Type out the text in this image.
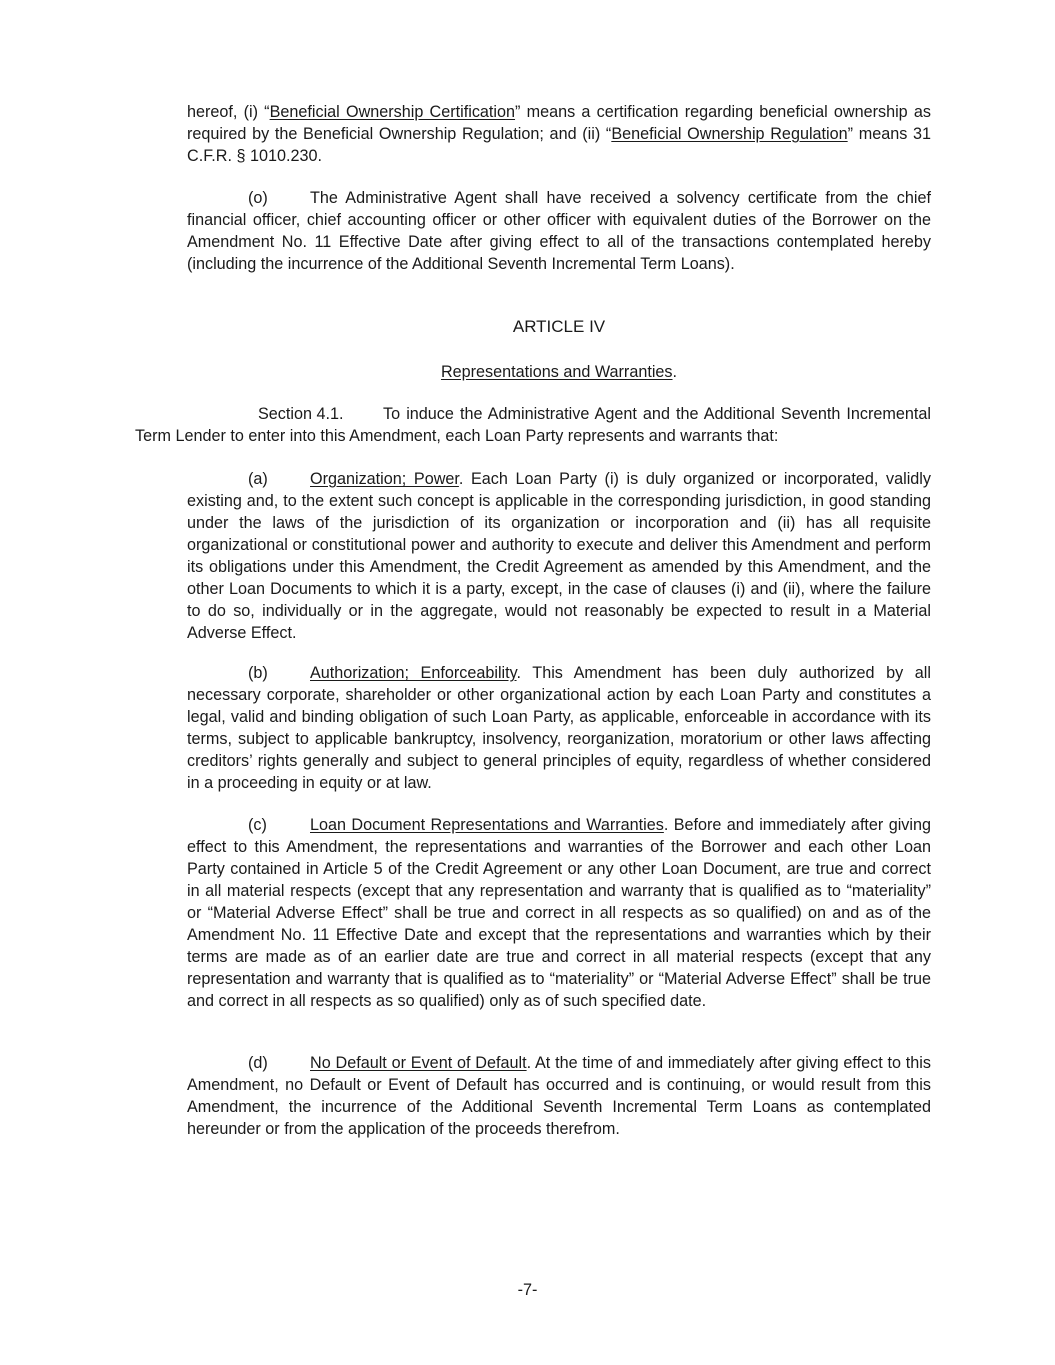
hereof, (i) “Beneficial Ownership Certification” means a certification regarding beneficial ownership as required by the Beneficial Ownership Regulation; and (ii) “Beneficial Ownership Regulation” means 31 C.F.R. § 1010.230.

(o)	The Administrative Agent shall have received a solvency certificate from the chief financial officer, chief accounting officer or other officer with equivalent duties of the Borrower on the Amendment No. 11 Effective Date after giving effect to all of the transactions contemplated hereby (including the incurrence of the Additional Seventh Incremental Term Loans).

ARTICLE IV

Representations and Warranties.

Section 4.1. To induce the Administrative Agent and the Additional Seventh Incremental Term Lender to enter into this Amendment, each Loan Party represents and warrants that:

(a)	Organization; Power. Each Loan Party (i) is duly organized or incorporated, validly existing and, to the extent such concept is applicable in the corresponding jurisdiction, in good standing under the laws of the jurisdiction of its organization or incorporation and (ii) has all requisite organizational or constitutional power and authority to execute and deliver this Amendment and perform its obligations under this Amendment, the Credit Agreement as amended by this Amendment, and the other Loan Documents to which it is a party, except, in the case of clauses (i) and (ii), where the failure to do so, individually or in the aggregate, would not reasonably be expected to result in a Material Adverse Effect.

(b)	Authorization; Enforceability. This Amendment has been duly authorized by all necessary corporate, shareholder or other organizational action by each Loan Party and constitutes a legal, valid and binding obligation of such Loan Party, as applicable, enforceable in accordance with its terms, subject to applicable bankruptcy, insolvency, reorganization, moratorium or other laws affecting creditors’ rights generally and subject to general principles of equity, regardless of whether considered in a proceeding in equity or at law.

(c)	Loan Document Representations and Warranties. Before and immediately after giving effect to this Amendment, the representations and warranties of the Borrower and each other Loan Party contained in Article 5 of the Credit Agreement or any other Loan Document, are true and correct in all material respects (except that any representation and warranty that is qualified as to “materiality” or “Material Adverse Effect” shall be true and correct in all respects as so qualified) on and as of the Amendment No. 11 Effective Date and except that the representations and warranties which by their terms are made as of an earlier date are true and correct in all material respects (except that any representation and warranty that is qualified as to “materiality” or “Material Adverse Effect” shall be true and correct in all respects as so qualified) only as of such specified date.

(d)	No Default or Event of Default. At the time of and immediately after giving effect to this Amendment, no Default or Event of Default has occurred and is continuing, or would result from this Amendment, the incurrence of the Additional Seventh Incremental Term Loans as contemplated hereunder or from the application of the proceeds therefrom.

-7-
